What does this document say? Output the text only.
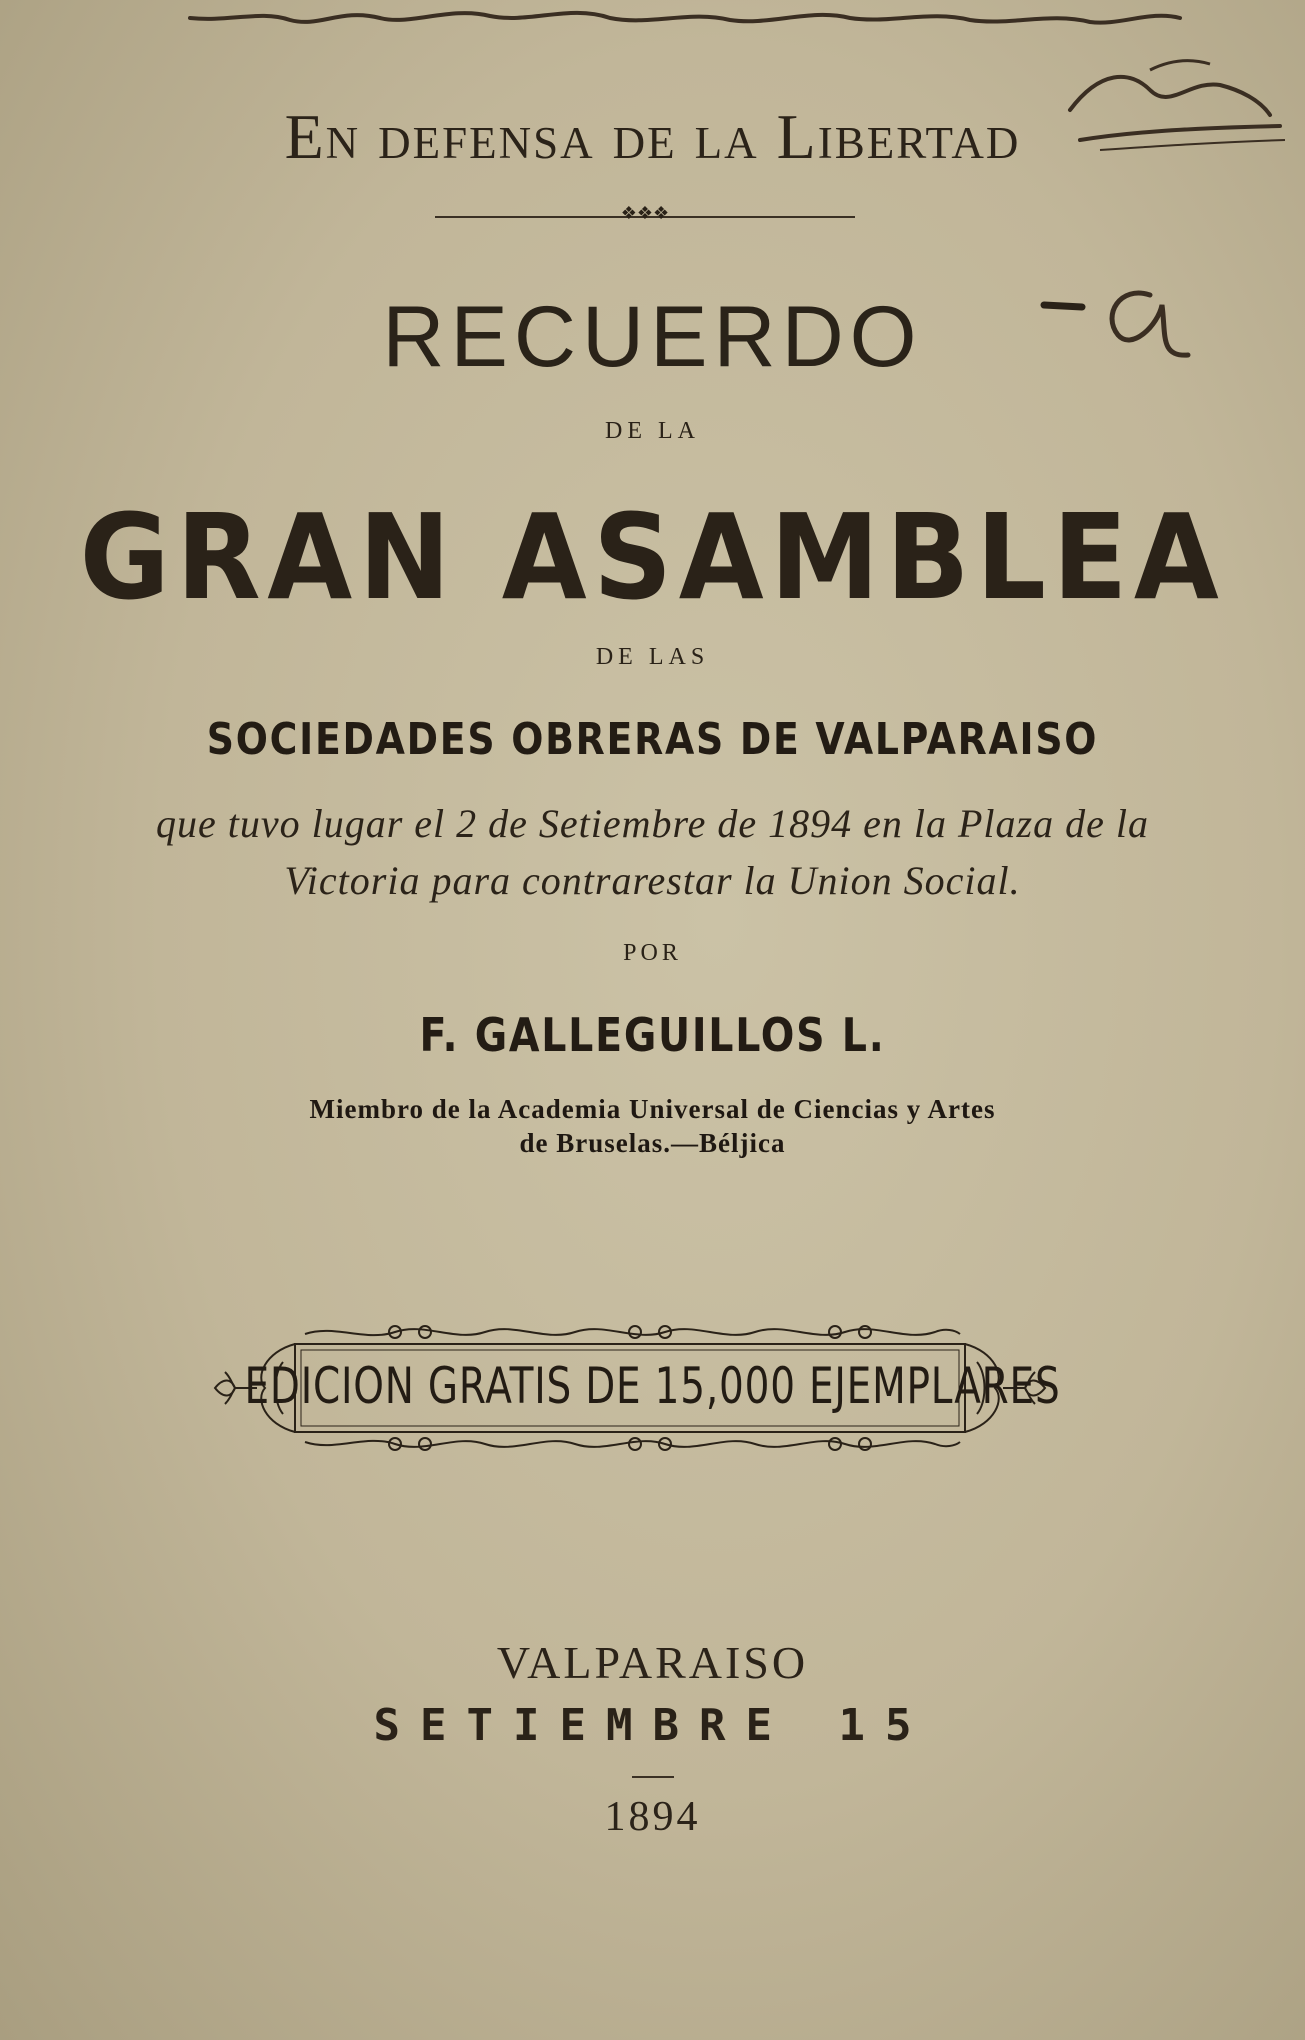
En defensa de la Libertad
❖❖❖
RECUERDO
DE LA
GRAN ASAMBLEA
DE LAS
SOCIEDADES OBRERAS DE VALPARAISO
que tuvo lugar el 2 de Setiembre de 1894 en la Plaza de la
Victoria para contrarestar la Union Social.
POR
F. GALLEGUILLOS L.
Miembro de la Academia Universal de Ciencias y Artes
de Bruselas.—Béljica
EDICION GRATIS DE 15,000 EJEMPLARES
VALPARAISO
SETIEMBRE 15
1894
